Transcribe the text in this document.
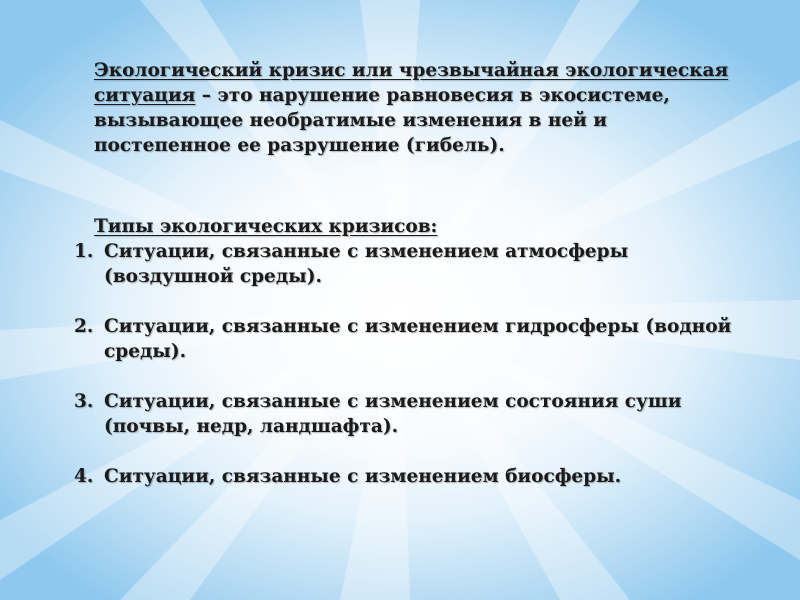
Экологический кризис или чрезвычайная экологическая ситуация – это нарушение равновесия в экосистеме, вызывающее необратимые изменения в ней и постепенное ее разрушение (гибель).

Типы экологических кризисов:
1. Ситуации, связанные с изменением атмосферы (воздушной среды).
2. Ситуации, связанные с изменением гидросферы (водной среды).
3. Ситуации, связанные с изменением состояния суши (почвы, недр, ландшафта).
4. Ситуации, связанные с изменением биосферы.
